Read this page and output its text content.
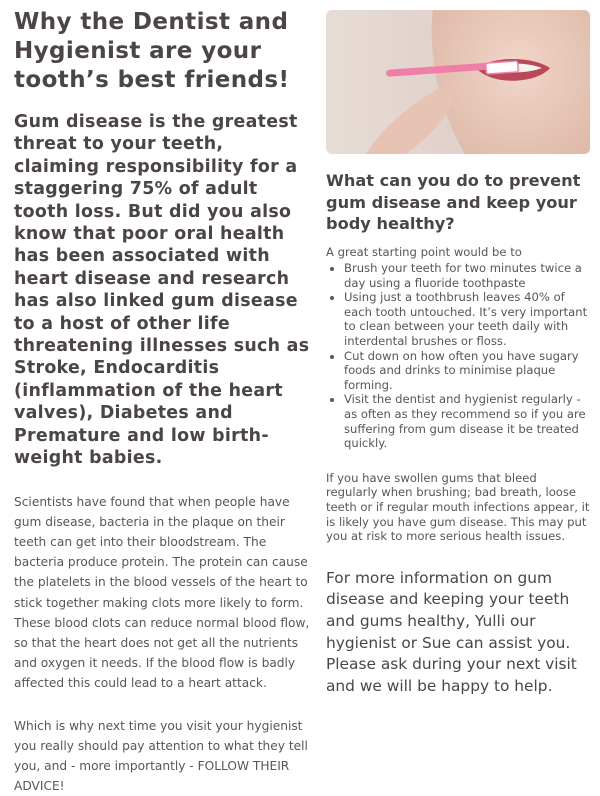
Why the Dentist and Hygienist are your tooth’s best friends!

Gum disease is the greatest threat to your teeth, claiming responsibility for a staggering 75% of adult tooth loss. But did you also know that poor oral health has been associated with heart disease and research has also linked gum disease to a host of other life threatening illnesses such as Stroke, Endocarditis (inflammation of the heart valves), Diabetes and Premature and low birth-weight babies.

Scientists have found that when people have gum disease, bacteria in the plaque on their teeth can get into their bloodstream. The bacteria produce protein. The protein can cause the platelets in the blood vessels of the heart to stick together making clots more likely to form. These blood clots can reduce normal blood flow, so that the heart does not get all the nutrients and oxygen it needs. If the blood flow is badly affected this could lead to a heart attack.

Which is why next time you visit your hygienist you really should pay attention to what they tell you, and - more importantly - FOLLOW THEIR ADVICE!

What can you do to prevent gum disease and keep your body healthy?

A great starting point would be to

• Brush your teeth for two minutes twice a day using a fluoride toothpaste
• Using just a toothbrush leaves 40% of each tooth untouched. It’s very important to clean between your teeth daily with interdental brushes or floss.
• Cut down on how often you have sugary foods and drinks to minimise plaque forming.
• Visit the dentist and hygienist regularly - as often as they recommend so if you are suffering from gum disease it be treated quickly.

If you have swollen gums that bleed regularly when brushing; bad breath, loose teeth or if regular mouth infections appear, it is likely you have gum disease. This may put you at risk to more serious health issues.

For more information on gum disease and keeping your teeth and gums healthy, Yulli our hygienist or Sue can assist you. Please ask during your next visit and we will be happy to help.
